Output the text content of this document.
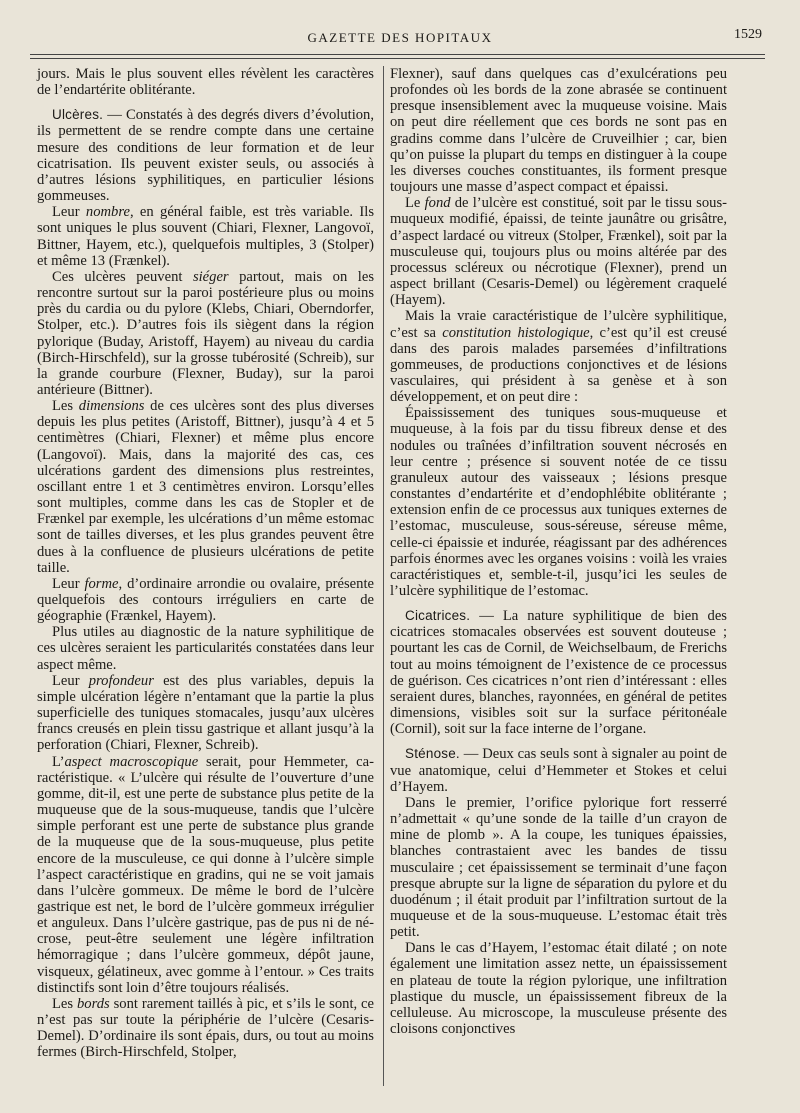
GAZETTE DES HOPITAUX	1529

jours. Mais le plus souvent elles révèlent les caractères de l’endartérite oblitérante.

Ulcères. — Constatés à des degrés divers d’évolution, ils permettent de se rendre compte dans une certaine mesure des conditions de leur formation et de leur cicatrisation. Ils peuvent exister seuls, ou associés à d’autres lésions syphilitiques, en particulier lésions gommeuses.

Leur nombre, en général faible, est très variable. Ils sont uniques le plus souvent (Chiari, Flexner, Langovoï, Bittner, Hayem, etc.), quelquefois multiples, 3 (Stolper) et même 13 (Frænkel).

Ces ulcères peuvent siéger partout, mais on les rencontre surtout sur la paroi postérieure plus ou moins près du cardia ou du pylore (Klebs, Chiari, Oberndorfer, Stolper, etc.). D’autres fois ils siègent dans la région pylorique (Buday, Aristoff, Hayem) au niveau du cardia (Birch-Hirschfeld), sur la grosse tubérosité (Schreib), sur la grande courbure (Flexner, Buday), sur la paroi antérieure (Bittner).

Les dimensions de ces ulcères sont des plus diverses depuis les plus petites (Aristoff, Bittner), jusqu’à 4 et 5 centimètres (Chiari, Flexner) et même plus encore (Langovoï). Mais, dans la majorité des cas, ces ulcérations gardent des dimensions plus restreintes, oscillant entre 1 et 3 centimètres environ. Lorsqu’elles sont multiples, comme dans les cas de Stopler et de Frænkel par exemple, les ulcérations d’un même estomac sont de tailles diverses, et les plus grandes peuvent être dues à la confluence de plusieurs ulcérations de petite taille.

Leur forme, d’ordinaire arrondie ou ovalaire, présente quelquefois des contours irréguliers en carte de géographie (Frænkel, Hayem).

Plus utiles au diagnostic de la nature syphilitique de ces ulcères seraient les particularités constatées dans leur aspect même.

Leur profondeur est des plus variables, depuis la simple ulcération légère n’entamant que la partie la plus superficielle des tuniques stomacales, jusqu’aux ulcères francs creusés en plein tissu gastrique et allant jusqu’à la perforation (Chiari, Flexner, Schreib).

L’aspect macroscopique serait, pour Hemmeter, caractéristique. « L’ulcère qui résulte de l’ouverture d’une gomme, dit-il, est une perte de substance plus petite de la muqueuse que de la sous-muqueuse, tandis que l’ulcère simple perforant est une perte de substance plus grande de la muqueuse que de la sous-muqueuse, plus petite encore de la musculeuse, ce qui donne à l’ulcère simple l’aspect caractéristique en gradins, qui ne se voit jamais dans l’ulcère gommeux. De même le bord de l’ulcère gastrique est net, le bord de l’ulcère gommeux irrégulier et anguleux. Dans l’ulcère gastrique, pas de pus ni de nécrose, peut-être seulement une légère infiltration hémorragique ; dans l’ulcère gommeux, dépôt jaune, visqueux, gélatineux, avec gomme à l’entour. » Ces traits distinctifs sont loin d’être toujours réalisés.

Les bords sont rarement taillés à pic, et s’ils le sont, ce n’est pas sur toute la périphérie de l’ulcère (Cesaris-Demel). D’ordinaire ils sont épais, durs, ou tout au moins fermes (Birch-Hirschfeld, Stolper,

Flexner), sauf dans quelques cas d’exulcérations peu profondes où les bords de la zone abrasée se continuent presque insensiblement avec la muqueuse voisine. Mais on peut dire réellement que ces bords ne sont pas en gradins comme dans l’ulcère de Cruveilhier ; car, bien qu’on puisse la plupart du temps en distinguer à la coupe les diverses couches constituantes, ils forment presque toujours une masse d’aspect compact et épaissi.

Le fond de l’ulcère est constitué, soit par le tissu sous-muqueux modifié, épaissi, de teinte jaunâtre ou grisâtre, d’aspect lardacé ou vitreux (Stolper, Frænkel), soit par la musculeuse qui, toujours plus ou moins altérée par des processus scléreux ou nécrotique (Flexner), prend un aspect brillant (Cesaris-Demel) ou légèrement craquelé (Hayem).

Mais la vraie caractéristique de l’ulcère syphilitique, c’est sa constitution histologique, c’est qu’il est creusé dans des parois malades parsemées d’infiltrations gommeuses, de productions conjonctives et de lésions vasculaires, qui président à sa genèse et à son développement, et on peut dire :

Épaississement des tuniques sous-muqueuse et muqueuse, à la fois par du tissu fibreux dense et des nodules ou traînées d’infiltration souvent nécrosés en leur centre ; présence si souvent notée de ce tissu granuleux autour des vaisseaux ; lésions presque constantes d’endartérite et d’endophlébite oblitérante ; extension enfin de ce processus aux tuniques externes de l’estomac, musculeuse, sous-séreuse, séreuse même, celle-ci épaissie et indurée, réagissant par des adhérences parfois énormes avec les organes voisins : voilà les vraies caractéristiques et, semble-t-il, jusqu’ici les seules de l’ulcère syphilitique de l’estomac.

Cicatrices. — La nature syphilitique de bien des cicatrices stomacales observées est souvent douteuse ; pourtant les cas de Cornil, de Weichselbaum, de Frerichs tout au moins témoignent de l’existence de ce processus de guérison. Ces cicatrices n’ont rien d’intéressant : elles seraient dures, blanches, rayonnées, en général de petites dimensions, visibles soit sur la surface péritonéale (Cornil), soit sur la face interne de l’organe.

Sténose. — Deux cas seuls sont à signaler au point de vue anatomique, celui d’Hemmeter et Stokes et celui d’Hayem.

Dans le premier, l’orifice pylorique fort resserré n’admettait « qu’une sonde de la taille d’un crayon de mine de plomb ». A la coupe, les tuniques épaissies, blanches contrastaient avec les bandes de tissu musculaire ; cet épaississement se terminait d’une façon presque abrupte sur la ligne de séparation du pylore et du duodénum ; il était produit par l’infiltration surtout de la muqueuse et de la sous-muqueuse. L’estomac était très petit.

Dans le cas d’Hayem, l’estomac était dilaté ; on note également une limitation assez nette, un épaississement en plateau de toute la région pylorique, une infiltration plastique du muscle, un épaississement fibreux de la celluleuse. Au microscope, la musculeuse présente des cloisons conjonctives
